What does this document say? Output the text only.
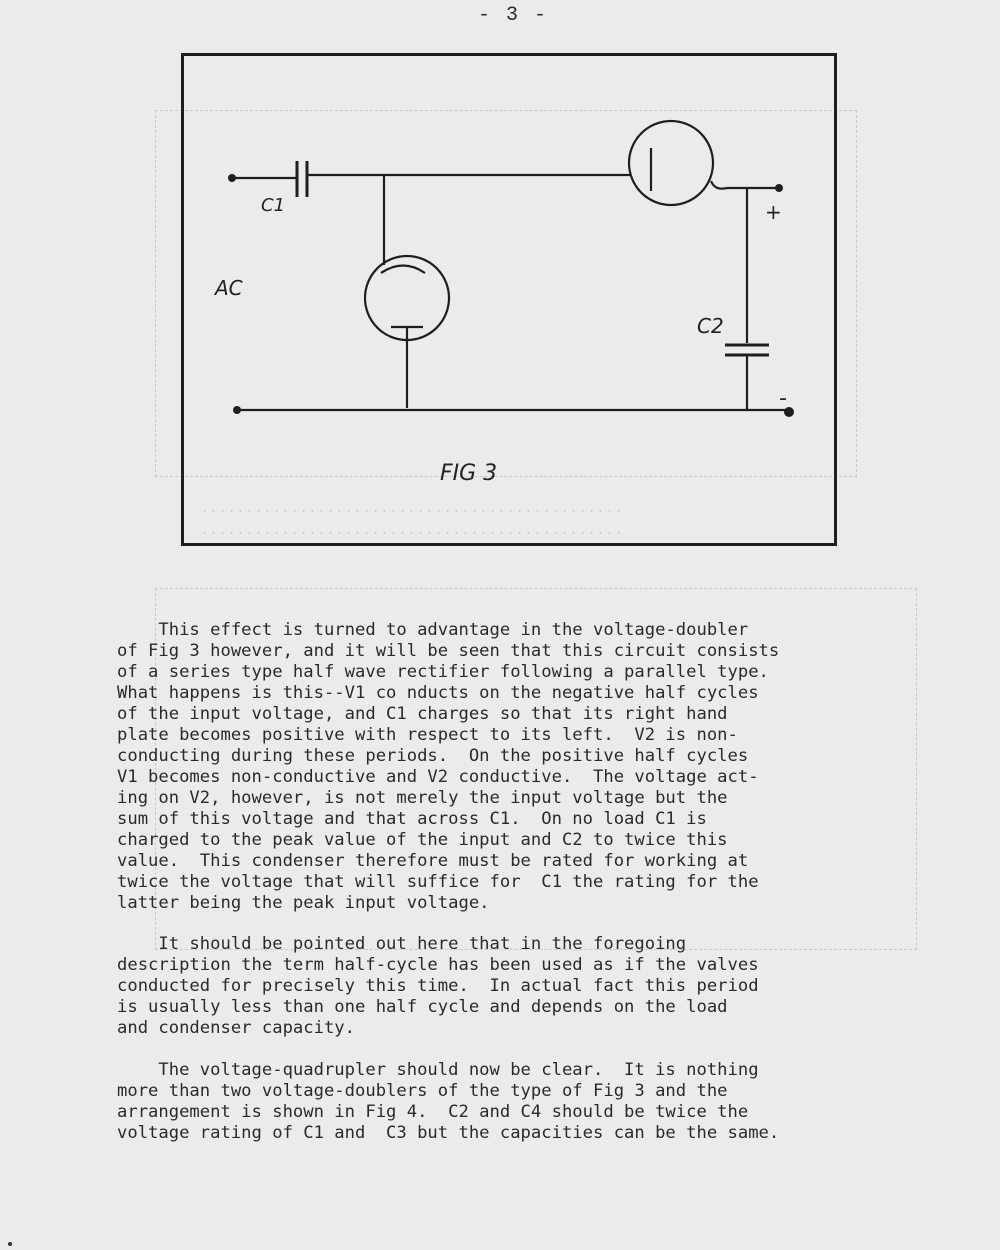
- 3 -
...............................................
...............................................
C1
AC
C2
+
-
FIG 3
This effect is turned to advantage in the voltage-doubler
of Fig 3 however, and it will be seen that this circuit consists
of a series type half wave rectifier following a parallel type.
What happens is this--V1 co nducts on the negative half cycles
of the input voltage, and C1 charges so that its right hand
plate becomes positive with respect to its left.  V2 is non-
conducting during these periods.  On the positive half cycles
V1 becomes non-conductive and V2 conductive.  The voltage act-
ing on V2, however, is not merely the input voltage but the
sum of this voltage and that across C1.  On no load C1 is
charged to the peak value of the input and C2 to twice this
value.  This condenser therefore must be rated for working at
twice the voltage that will suffice for  C1 the rating for the
latter being the peak input voltage.
It should be pointed out here that in the foregoing
description the term half-cycle has been used as if the valves
conducted for precisely this time.  In actual fact this period
is usually less than one half cycle and depends on the load
and condenser capacity.
The voltage-quadrupler should now be clear.  It is nothing
more than two voltage-doublers of the type of Fig 3 and the
arrangement is shown in Fig 4.  C2 and C4 should be twice the
voltage rating of C1 and  C3 but the capacities can be the same.
